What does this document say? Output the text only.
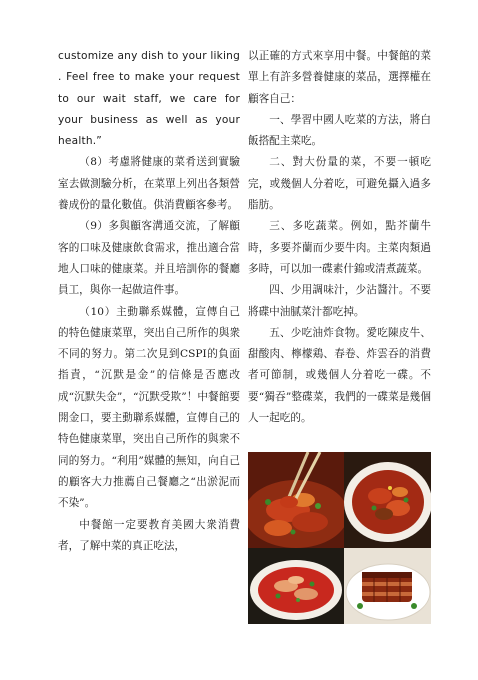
customize any dish to your liking . Feel free to make your request to our wait staff, we care for your business as well as your health.”

（8）考慮將健康的菜肴送到實驗室去做測驗分析，在菜單上列出各類營養成份的量化數值。供消費顧客參考。

（9）多與顧客溝通交流，了解顧客的口味及健康飲食需求，推出適合當地人口味的健康菜。并且培訓你的餐廳員工，與你一起做這件事。

（10）主動聯系媒體，宣傳自己的特色健康菜單，突出自己所作的與衆不同的努力。第二次見到CSPI的負面指責，“沉默是金”的信條是否應改成“沉默失金”，“沉默受欺”！中餐館要開金口，要主動聯系媒體，宣傳自己的特色健康菜單，突出自己所作的與衆不同的努力。“利用”媒體的無知，向自己的顧客大力推薦自己餐廳之“出淤泥而不染”。

中餐館一定要教育美國大衆消費者，了解中菜的真正吃法，

以正確的方式來享用中餐。中餐館的菜單上有許多營養健康的菜品，選擇權在顧客自己：

一、學習中國人吃菜的方法，將白飯搭配主菜吃。

二、對大份量的菜，不要一頓吃完，或幾個人分着吃，可避免攝入過多脂肪。

三、多吃蔬菜。例如，點芥蘭牛時，多要芥蘭而少要牛肉。主菜肉類過多時，可以加一碟素什錦或清煮蔬菜。

四、少用調味汁，少沾醬汁。不要將碟中油膩菜汁都吃掉。

五、少吃油炸食物。愛吃陳皮牛、甜酸肉、檸檬鶏、春卷、炸雲吞的消費者可節制，或幾個人分着吃一碟。不要“獨吞”整碟菜，我們的一碟菜是幾個人一起吃的。
